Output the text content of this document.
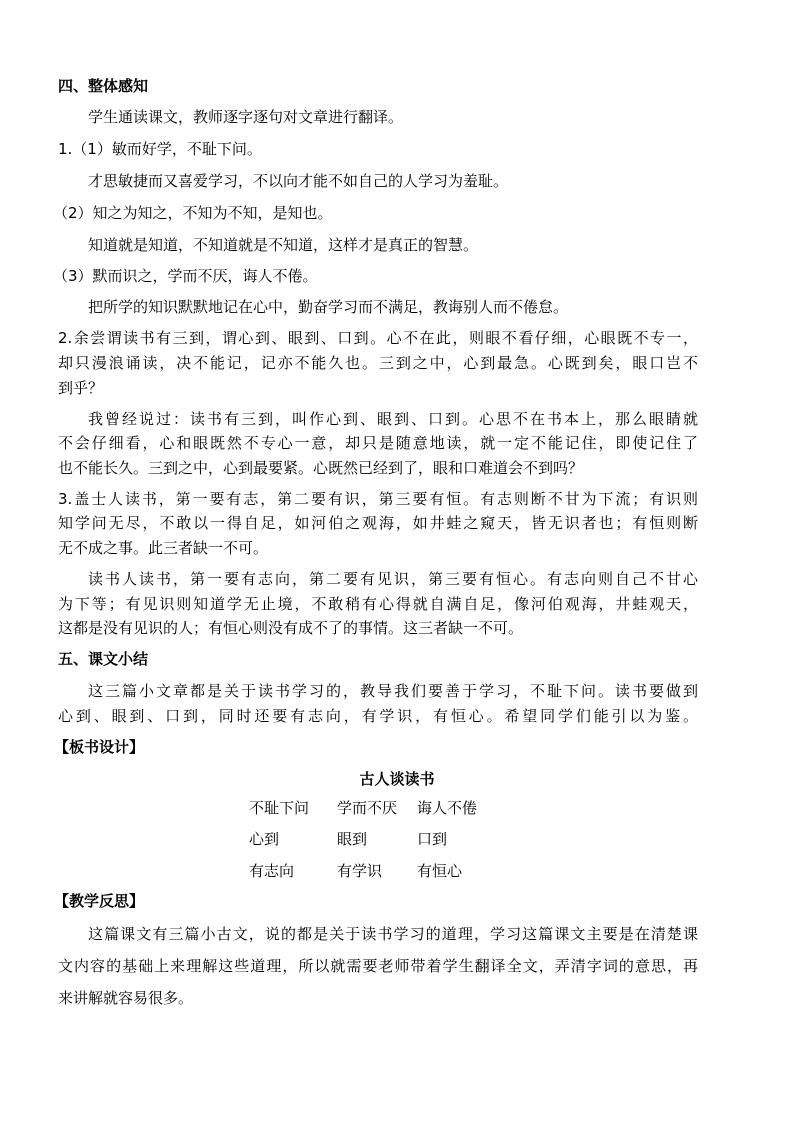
四、整体感知
学生通读课文，教师逐字逐句对文章进行翻译。
1.（1）敏而好学，不耻下问。
才思敏捷而又喜爱学习，不以向才能不如自己的人学习为羞耻。
（2）知之为知之，不知为不知，是知也。
知道就是知道，不知道就是不知道，这样才是真正的智慧。
（3）默而识之，学而不厌，诲人不倦。
把所学的知识默默地记在心中，勤奋学习而不满足，教诲别人而不倦怠。
2.余尝谓读书有三到，谓心到、眼到、口到。心不在此，则眼不看仔细，心眼既不专一，
却只漫浪诵读，决不能记，记亦不能久也。三到之中，心到最急。心既到矣，眼口岂不
到乎？
我曾经说过：读书有三到，叫作心到、眼到、口到。心思不在书本上，那么眼睛就
不会仔细看，心和眼既然不专心一意，却只是随意地读，就一定不能记住，即使记住了
也不能长久。三到之中，心到最要紧。心既然已经到了，眼和口难道会不到吗？
3.盖士人读书，第一要有志，第二要有识，第三要有恒。有志则断不甘为下流；有识则
知学问无尽，不敢以一得自足，如河伯之观海，如井蛙之窥天，皆无识者也；有恒则断
无不成之事。此三者缺一不可。
读书人读书，第一要有志向，第二要有见识，第三要有恒心。有志向则自己不甘心
为下等；有见识则知道学无止境，不敢稍有心得就自满自足，像河伯观海，井蛙观天，
这都是没有见识的人；有恒心则没有成不了的事情。这三者缺一不可。
五、课文小结
这三篇小文章都是关于读书学习的，教导我们要善于学习，不耻下问。读书要做到
心到、眼到、口到，同时还要有志向，有学识，有恒心。希望同学们能引以为鉴。
【板书设计】
古人谈读书
不耻下问 学而不厌 诲人不倦
心到	眼到	口到
有志向	有学识 有恒心
【教学反思】
这篇课文有三篇小古文，说的都是关于读书学习的道理，学习这篇课文主要是在清楚课
文内容的基础上来理解这些道理，所以就需要老师带着学生翻译全文，弄清字词的意思，再
来讲解就容易很多。
